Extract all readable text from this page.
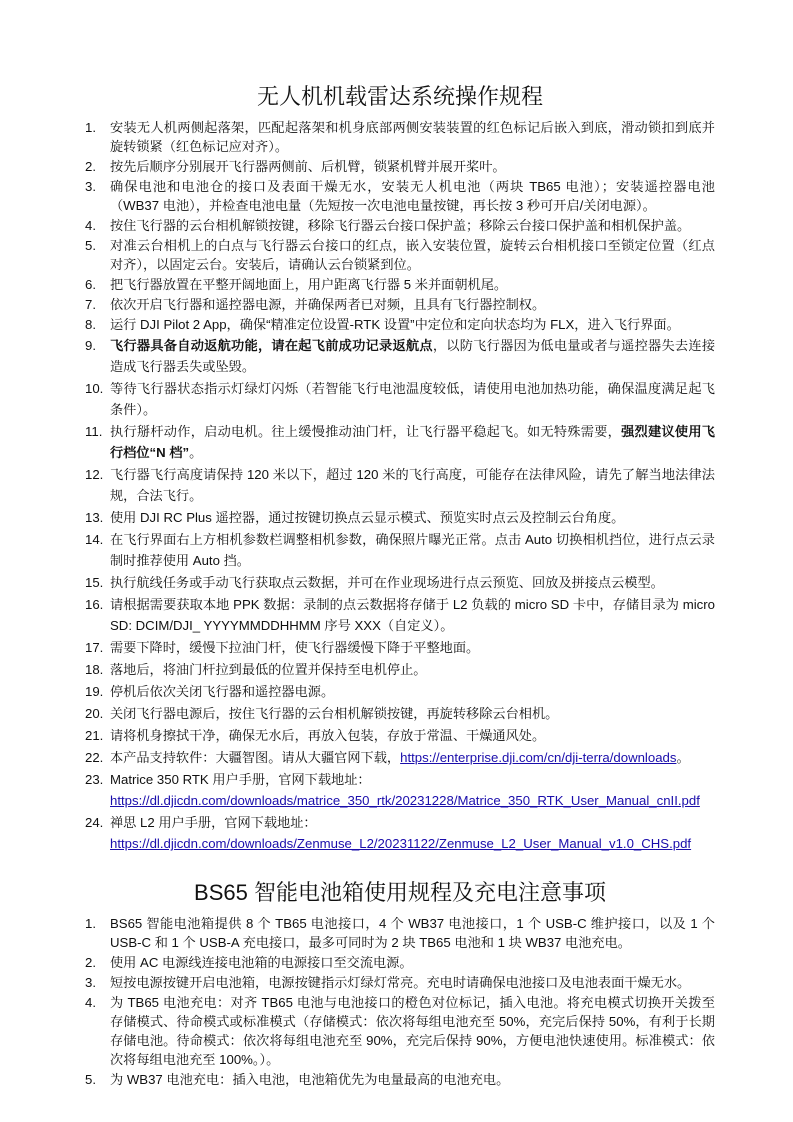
无人机机载雷达系统操作规程
1.	安装无人机两侧起落架，匹配起落架和机身底部两侧安装装置的红色标记后嵌入到底，滑动锁扣到底并旋转锁紧（红色标记应对齐）。
2.	按先后顺序分别展开飞行器两侧前、后机臂，锁紧机臂并展开桨叶。
3.	确保电池和电池仓的接口及表面干燥无水，安装无人机电池（两块 TB65 电池）；安装遥控器电池（WB37 电池），并检查电池电量（先短按一次电池电量按键，再长按 3 秒可开启/关闭电源）。
4.	按住飞行器的云台相机解锁按键，移除飞行器云台接口保护盖；移除云台接口保护盖和相机保护盖。
5.	对准云台相机上的白点与飞行器云台接口的红点，嵌入安装位置，旋转云台相机接口至锁定位置（红点对齐），以固定云台。安装后，请确认云台锁紧到位。
6.	把飞行器放置在平整开阔地面上，用户距离飞行器 5 米并面朝机尾。
7.	依次开启飞行器和遥控器电源，并确保两者已对频，且具有飞行器控制权。
8.	运行 DJI Pilot 2 App，确保“精准定位设置-RTK 设置”中定位和定向状态均为 FLX，进入飞行界面。
9.	飞行器具备自动返航功能，请在起飞前成功记录返航点，以防飞行器因为低电量或者与遥控器失去连接造成飞行器丢失或坠毁。
10. 等待飞行器状态指示灯绿灯闪烁（若智能飞行电池温度较低，请使用电池加热功能，确保温度满足起飞条件）。
11. 执行掰杆动作，启动电机。往上缓慢推动油门杆，让飞行器平稳起飞。如无特殊需要，强烈建议使用飞行档位“N 档”。
12. 飞行器飞行高度请保持 120 米以下，超过 120 米的飞行高度，可能存在法律风险，请先了解当地法律法规，合法飞行。
13. 使用 DJI RC Plus 遥控器，通过按键切换点云显示模式、预览实时点云及控制云台角度。
14. 在飞行界面右上方相机参数栏调整相机参数，确保照片曝光正常。点击 Auto 切换相机挡位，进行点云录制时推荐使用 Auto 挡。
15. 执行航线任务或手动飞行获取点云数据，并可在作业现场进行点云预览、回放及拼接点云模型。
16. 请根据需要获取本地 PPK 数据：录制的点云数据将存储于 L2 负载的 micro SD 卡中，存储目录为 micro SD: DCIM/DJI_ YYYYMMDDHHMM 序号 XXX（自定义）。
17. 需要下降时，缓慢下拉油门杆，使飞行器缓慢下降于平整地面。
18. 落地后，将油门杆拉到最低的位置并保持至电机停止。
19. 停机后依次关闭飞行器和遥控器电源。
20. 关闭飞行器电源后，按住飞行器的云台相机解锁按键，再旋转移除云台相机。
21. 请将机身擦拭干净，确保无水后，再放入包装，存放于常温、干燥通风处。
22. 本产品支持软件：大疆智图。请从大疆官网下载，https://enterprise.dji.com/cn/dji-terra/downloads。
23. Matrice 350 RTK 用户手册，官网下载地址：
https://dl.djicdn.com/downloads/matrice_350_rtk/20231228/Matrice_350_RTK_User_Manual_cnII.pdf
24. 禅思 L2 用户手册，官网下载地址：
https://dl.djicdn.com/downloads/Zenmuse_L2/20231122/Zenmuse_L2_User_Manual_v1.0_CHS.pdf
BS65 智能电池箱使用规程及充电注意事项
1.	BS65 智能电池箱提供 8 个 TB65 电池接口，4 个 WB37 电池接口，1 个 USB-C 维护接口，以及 1 个 USB-C 和 1 个 USB-A 充电接口，最多可同时为 2 块 TB65 电池和 1 块 WB37 电池充电。
2.	使用 AC 电源线连接电池箱的电源接口至交流电源。
3.	短按电源按键开启电池箱，电源按键指示灯绿灯常亮。充电时请确保电池接口及电池表面干燥无水。
4.	为 TB65 电池充电：对齐 TB65 电池与电池接口的橙色对位标记，插入电池。将充电模式切换开关拨至存储模式、待命模式或标准模式（存储模式：依次将每组电池充至 50%，充完后保持 50%，有利于长期存储电池。待命模式：依次将每组电池充至 90%，充完后保持 90%，方便电池快速使用。标准模式：依次将每组电池充至 100%。）。
5.	为 WB37 电池充电：插入电池，电池箱优先为电量最高的电池充电。
